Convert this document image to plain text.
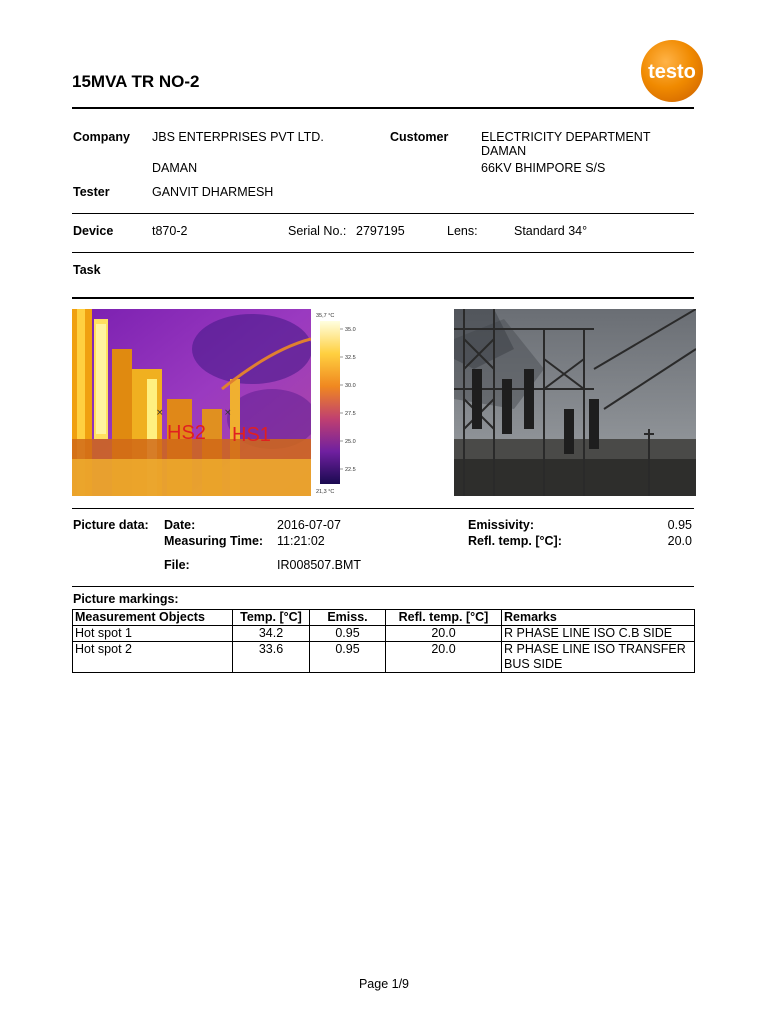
15MVA TR NO-2	testo
Company JBS ENTERPRISES PVT LTD.
DAMAN
Customer	ELECTRICITY DEPARTMENT
DAMAN
66KV BHIMPORE S/S
Tester	GANVIT DHARMESH
Device	t870-2	Serial No.: 2797195	Lens:	Standard 34°
Task
HS2 HS1
×	×
35,7 °C
21,3 °C
35.0
32.5
30.0
27.5
25.0
22.5
Picture data: Date:	2016-07-07
Measuring Time: 11:21:02
File:	IR008507.BMT
Emissivity:	0.95
Refl. temp. [°C]:	20.0
Picture markings:
Measurement Objects	Temp. [°C]	Emiss.	Refl. temp. [°C]	Remarks
Hot spot 1	34.2	0.95	20.0	R PHASE LINE ISO C.B SIDE
Hot spot 2	33.6	0.95	20.0	R PHASE LINE ISO TRANSFER BUS SIDE
Page 1/9
